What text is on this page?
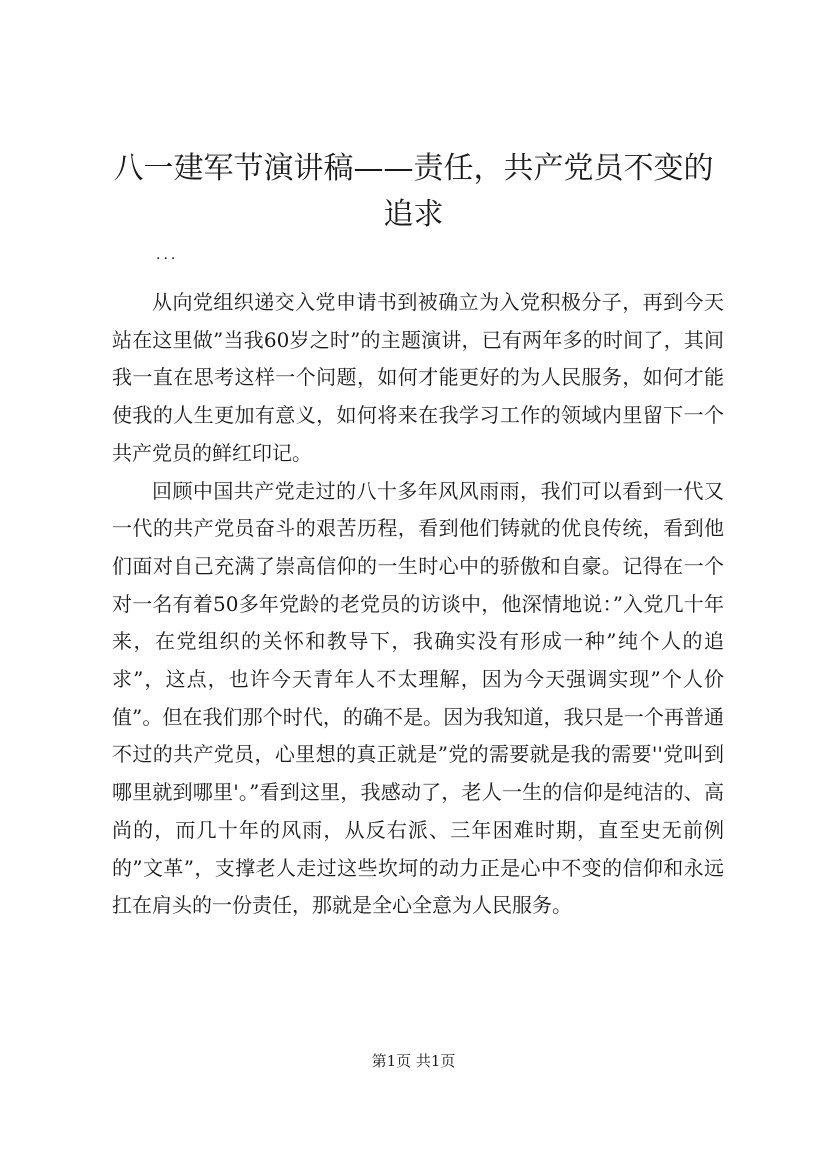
八一建军节演讲稿——责任，共产党员不变的
追求
...

从向党组织递交入党申请书到被确立为入党积极分子，再到今天站在这里做”当我60岁之时”的主题演讲，已有两年多的时间了，其间我一直在思考这样一个问题，如何才能更好的为人民服务，如何才能使我的人生更加有意义，如何将来在我学习工作的领域内里留下一个共产党员的鲜红印记。

回顾中国共产党走过的八十多年风风雨雨，我们可以看到一代又一代的共产党员奋斗的艰苦历程，看到他们铸就的优良传统，看到他们面对自己充满了崇高信仰的一生时心中的骄傲和自豪。记得在一个对一名有着50多年党龄的老党员的访谈中，他深情地说：”入党几十年来，在党组织的关怀和教导下，我确实没有形成一种”纯个人的追求”，这点，也许今天青年人不太理解，因为今天强调实现”个人价值”。但在我们那个时代，的确不是。因为我知道，我只是一个再普通不过的共产党员，心里想的真正就是”党的需要就是我的需要''党叫到哪里就到哪里'。”看到这里，我感动了，老人一生的信仰是纯洁的、高尚的，而几十年的风雨，从反右派、三年困难时期，直至史无前例的”文革”，支撑老人走过这些坎坷的动力正是心中不变的信仰和永远扛在肩头的一份责任，那就是全心全意为人民服务。

第1页 共1页
